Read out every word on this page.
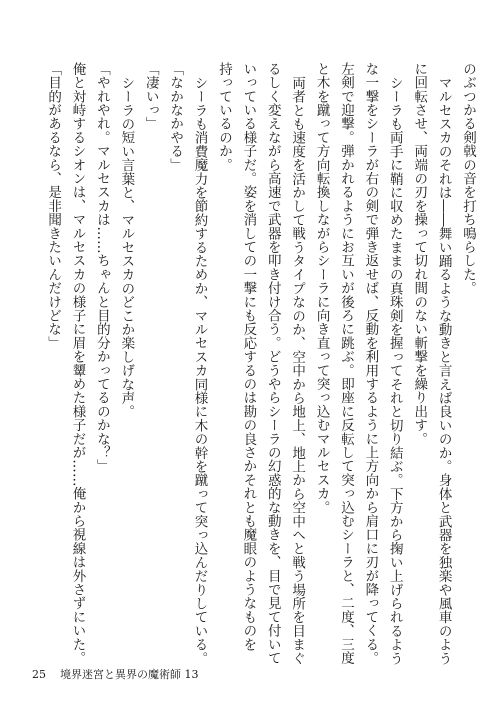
のぶつかる剣戟の音を打ち鳴らした。
マルセスカのそれは――舞い踊るような動きと言えば良いのか。身体と武器を独楽や風車のよう
に回転させ、両端の刃を操って切れ間のない斬撃を繰り出す。
シーラも両手に鞘に収めたままの真珠剣を握ってそれと切り結ぶ。下方から掬い上げられるよう
な一撃をシーラが右の剣で弾き返せば、反動を利用するように上方向から肩口に刃が降ってくる。
左剣で迎撃。弾かれるようにお互いが後ろに跳ぶ。即座に反転して突っ込むシーラと、二度、三度
と木を蹴って方向転換しながらシーラに向き直って突っ込むマルセスカ。
両者とも速度を活かして戦うタイプなのか、空中から地上、地上から空中へと戦う場所を目まぐ
るしく変えながら高速で武器を叩き付け合う。どうやらシーラの幻惑的な動きを、目で見て付いて
いっている様子だ。姿を消しての一撃にも反応するのは勘の良さかそれとも魔眼のようなものを
持っているのか。
シーラも消費魔力を節約するためか、マルセスカ同様に木の幹を蹴って突っ込んだりしている。
「なかなかやる」
「凄いっ」
シーラの短い言葉と、マルセスカのどこか楽しげな声。
「やれやれ。マルセスカは……ちゃんと目的分かってるのかな？」
俺と対峙するシオンは、マルセスカの様子に眉を顰めた様子だが……俺から視線は外さずにいた。
「目的があるなら、是非聞きたいんだけどな」
25 境界迷宮と異界の魔術師 13
